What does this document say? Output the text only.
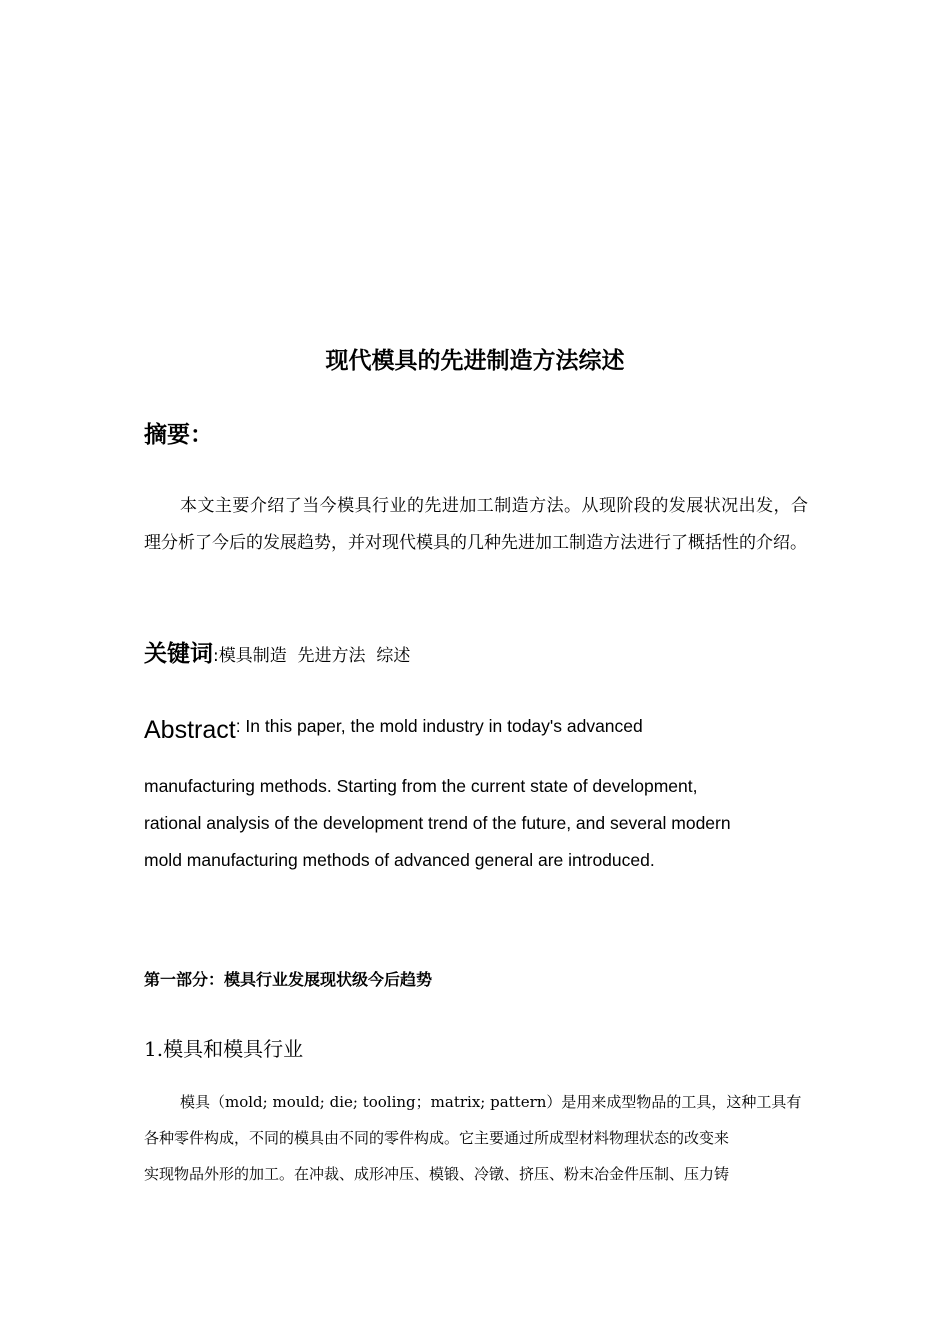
现代模具的先进制造方法综述
摘要：
本文主要介绍了当今模具行业的先进加工制造方法。从现阶段的发展状况出发，合理分析了今后的发展趋势，并对现代模具的几种先进加工制造方法进行了概括性的介绍。
关键词:模具制造  先进方法  综述
Abstract: In this paper, the mold industry in today's advanced
manufacturing methods. Starting from the current state of development,
rational analysis of the development trend of the future, and several modern
mold manufacturing methods of advanced general are introduced.
第一部分：模具行业发展现状级今后趋势
1.模具和模具行业
模具（mold; mould; die; tooling；matrix; pattern）是用来成型物品的工具，这种工具有
各种零件构成，不同的模具由不同的零件构成。它主要通过所成型材料物理状态的改变来
实现物品外形的加工。在冲裁、成形冲压、模锻、冷镦、挤压、粉末冶金件压制、压力铸
